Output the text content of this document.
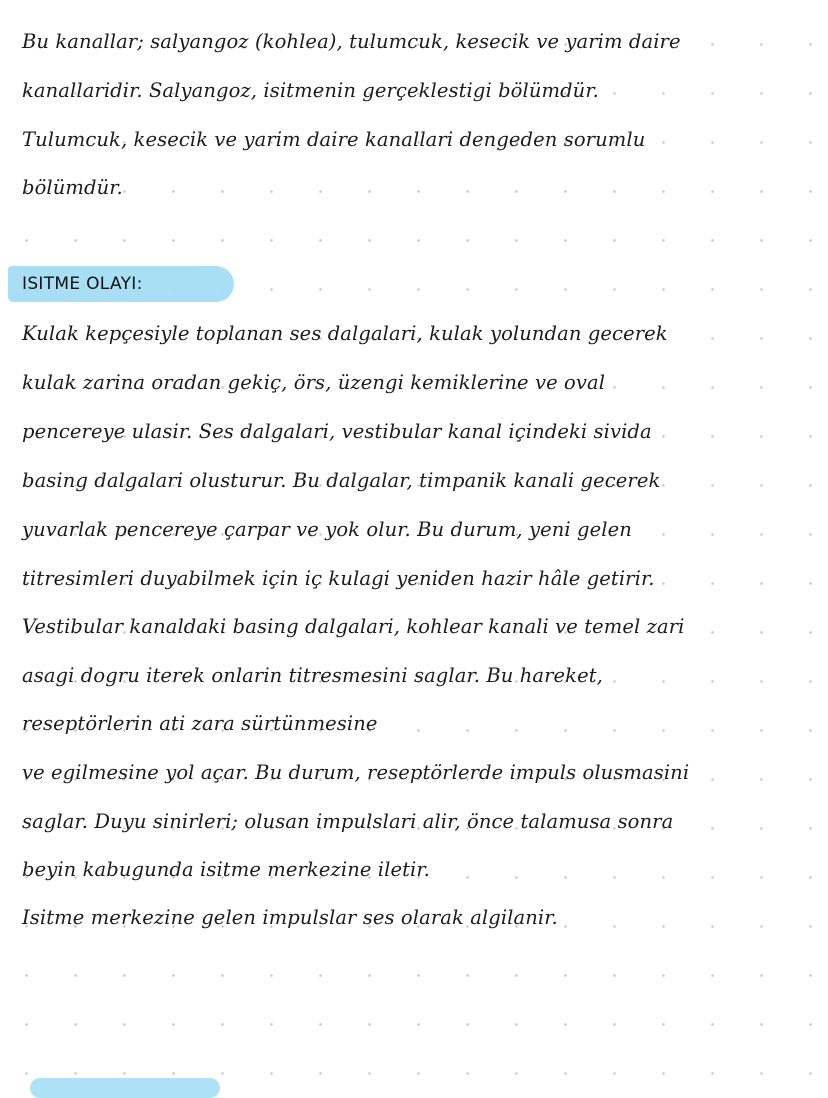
Bu kanallar; salyangoz (kohlea), tulumcuk, kesecik ve yarim daire
kanallaridir. Salyangoz, isitmenin gerçeklestigi bölümdür.
Tulumcuk, kesecik ve yarim daire kanallari dengeden sorumlu
bölümdür.
ISITME OLAYI:
Kulak kepçesiyle toplanan ses dalgalari, kulak yolundan gecerek
kulak zarina oradan gekiç, örs, üzengi kemiklerine ve oval
pencereye ulasir. Ses dalgalari, vestibular kanal içindeki sivida
basing dalgalari olusturur. Bu dalgalar, timpanik kanali gecerek
yuvarlak pencereye çarpar ve yok olur. Bu durum, yeni gelen
titresimleri duyabilmek için iç kulagi yeniden hazir hâle getirir.
Vestibular kanaldaki basing dalgalari, kohlear kanali ve temel zari
asagi dogru iterek onlarin titresmesini saglar. Bu hareket,
reseptörlerin ati zara sürtünmesine
ve egilmesine yol açar. Bu durum, reseptörlerde impuls olusmasini
saglar. Duyu sinirleri; olusan impulslari alir, önce talamusa sonra
beyin kabugunda isitme merkezine iletir.
Isitme merkezine gelen impulslar ses olarak algilanir.
